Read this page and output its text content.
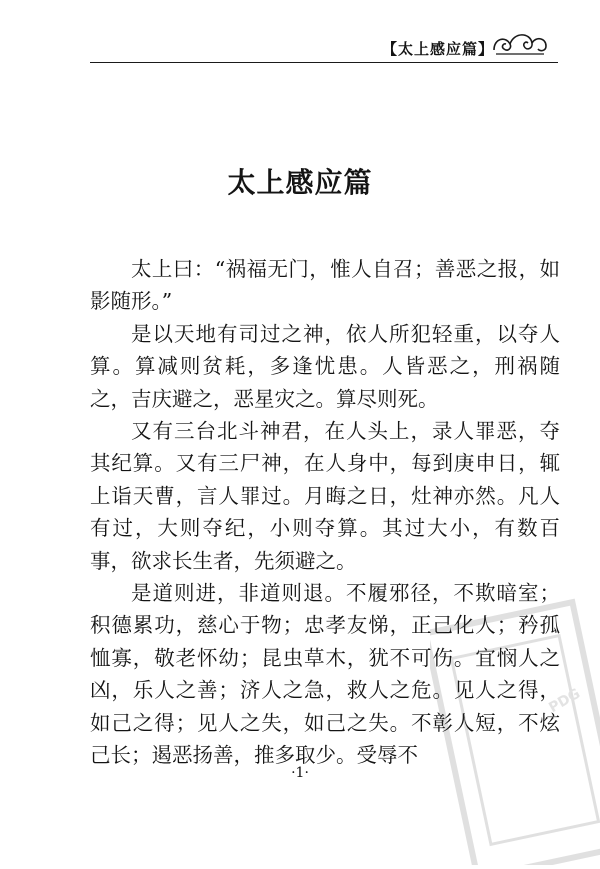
【太上感应篇】
太上感应篇

太上曰：“祸福无门，惟人自召；善恶之报，如影随形。”

是以天地有司过之神，依人所犯轻重，以夺人算。算减则贫耗，多逢忧患。人皆恶之，刑祸随之，吉庆避之，恶星灾之。算尽则死。

又有三台北斗神君，在人头上，录人罪恶，夺其纪算。又有三尸神，在人身中，每到庚申日，辄上诣天曹，言人罪过。月晦之日，灶神亦然。凡人有过，大则夺纪，小则夺算。其过大小，有数百事，欲求长生者，先须避之。

是道则进，非道则退。不履邪径，不欺暗室；积德累功，慈心于物；忠孝友悌，正己化人；矜孤恤寡，敬老怀幼；昆虫草木，犹不可伤。宜悯人之凶，乐人之善；济人之急，救人之危。见人之得，如己之得；见人之失，如己之失。不彰人短，不炫己长；遏恶扬善，推多取少。受辱不

·1·
PDG
